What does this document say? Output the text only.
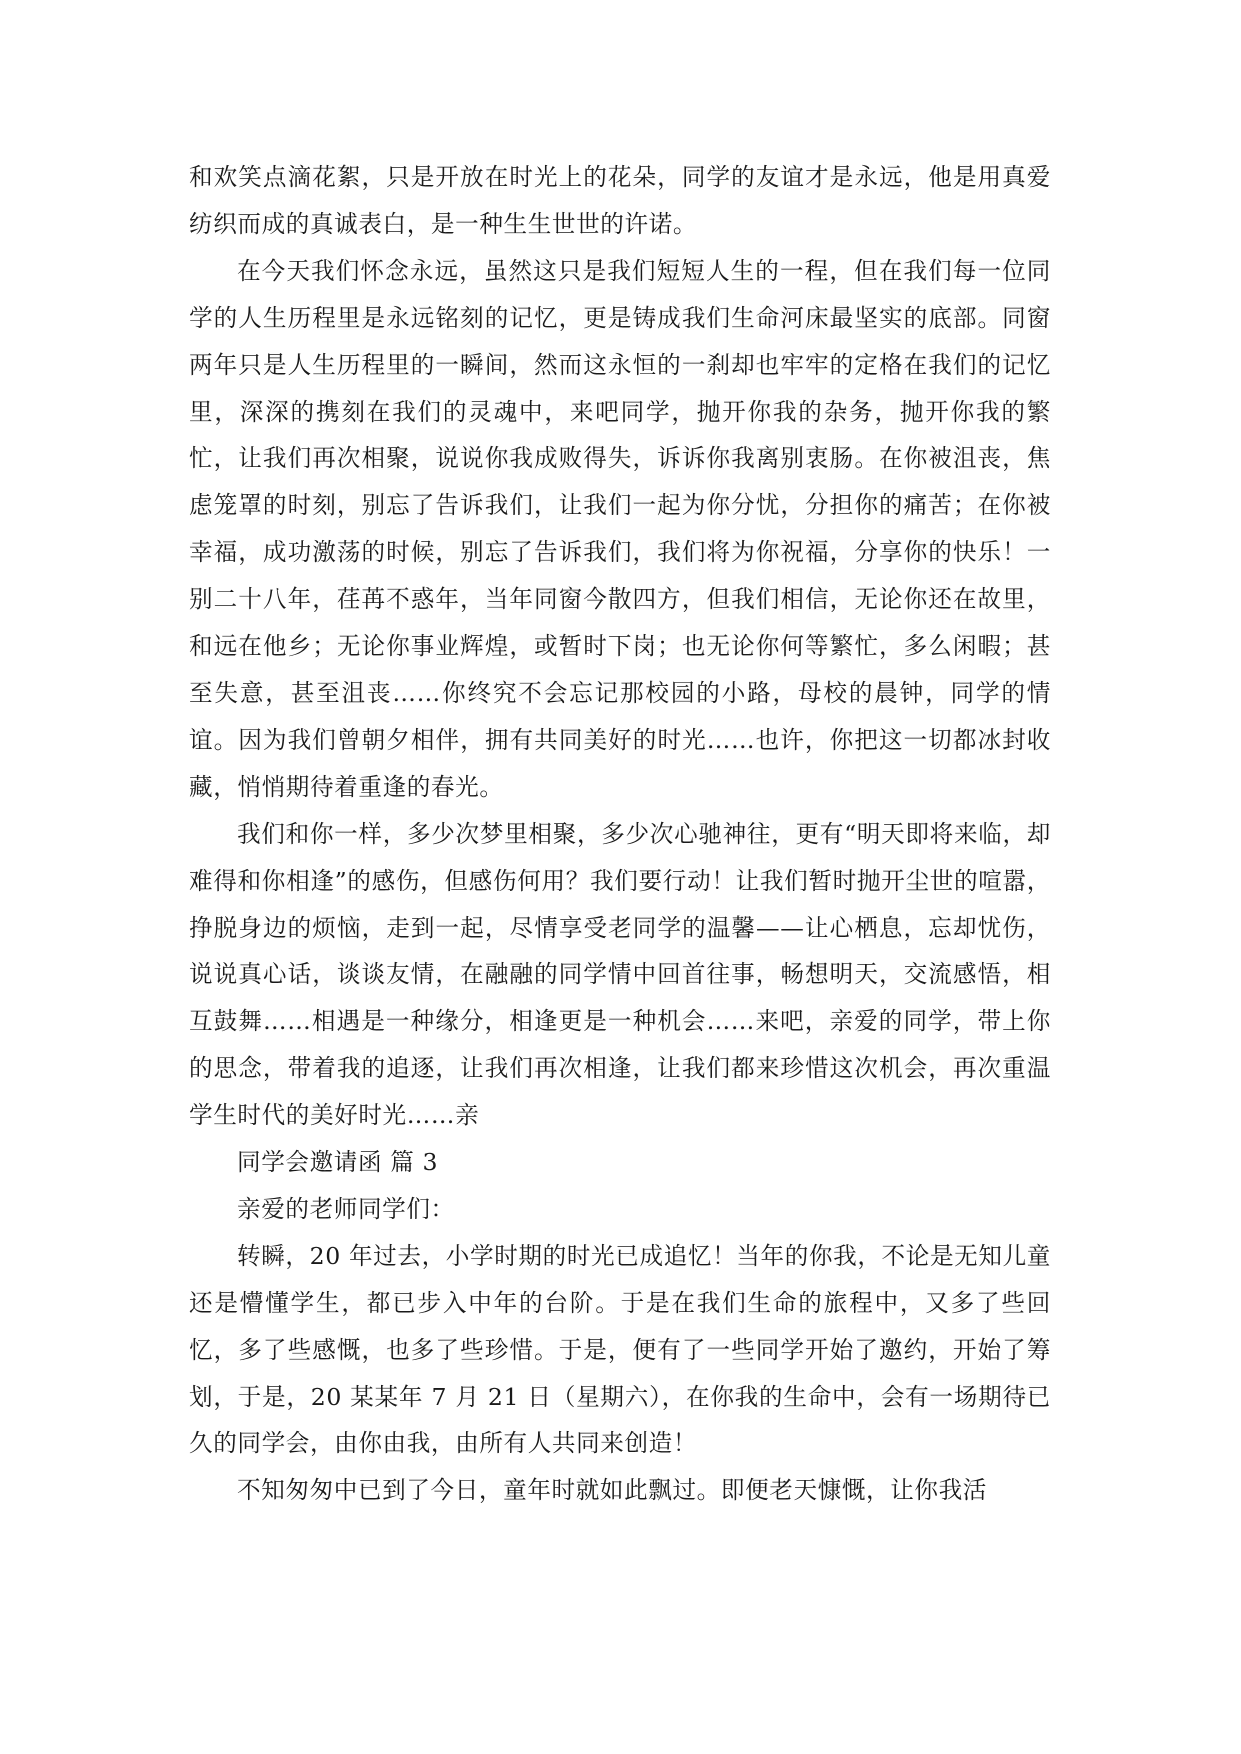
和欢笑点滴花絮，只是开放在时光上的花朵，同学的友谊才是永远，他是用真爱纺织而成的真诚表白，是一种生生世世的许诺。

在今天我们怀念永远，虽然这只是我们短短人生的一程，但在我们每一位同学的人生历程里是永远铭刻的记忆，更是铸成我们生命河床最坚实的底部。同窗两年只是人生历程里的一瞬间，然而这永恒的一刹却也牢牢的定格在我们的记忆里，深深的携刻在我们的灵魂中，来吧同学，抛开你我的杂务，抛开你我的繁忙，让我们再次相聚，说说你我成败得失，诉诉你我离别衷肠。在你被沮丧，焦虑笼罩的时刻，别忘了告诉我们，让我们一起为你分忧，分担你的痛苦；在你被幸福，成功激荡的时候，别忘了告诉我们，我们将为你祝福，分享你的快乐！一别二十八年，荏苒不惑年，当年同窗今散四方，但我们相信，无论你还在故里，和远在他乡；无论你事业辉煌，或暂时下岗；也无论你何等繁忙，多么闲暇；甚至失意，甚至沮丧……你终究不会忘记那校园的小路，母校的晨钟，同学的情谊。因为我们曾朝夕相伴，拥有共同美好的时光……也许，你把这一切都冰封收藏，悄悄期待着重逢的春光。

我们和你一样，多少次梦里相聚，多少次心驰神往，更有“明天即将来临，却难得和你相逢”的感伤，但感伤何用？我们要行动！让我们暂时抛开尘世的喧嚣，挣脱身边的烦恼，走到一起，尽情享受老同学的温馨——让心栖息，忘却忧伤，说说真心话，谈谈友情，在融融的同学情中回首往事，畅想明天，交流感悟，相互鼓舞……相遇是一种缘分，相逢更是一种机会……来吧，亲爱的同学，带上你的思念，带着我的追逐，让我们再次相逢，让我们都来珍惜这次机会，再次重温学生时代的美好时光……亲

同学会邀请函 篇 3

亲爱的老师同学们：

转瞬，20 年过去，小学时期的时光已成追忆！当年的你我，不论是无知儿童还是懵懂学生，都已步入中年的台阶。于是在我们生命的旅程中，又多了些回忆，多了些感慨，也多了些珍惜。于是，便有了一些同学开始了邀约，开始了筹划，于是，20 某某年 7 月 21 日（星期六），在你我的生命中，会有一场期待已久的同学会，由你由我，由所有人共同来创造！

不知匆匆中已到了今日，童年时就如此飘过。即便老天慷慨，让你我活
